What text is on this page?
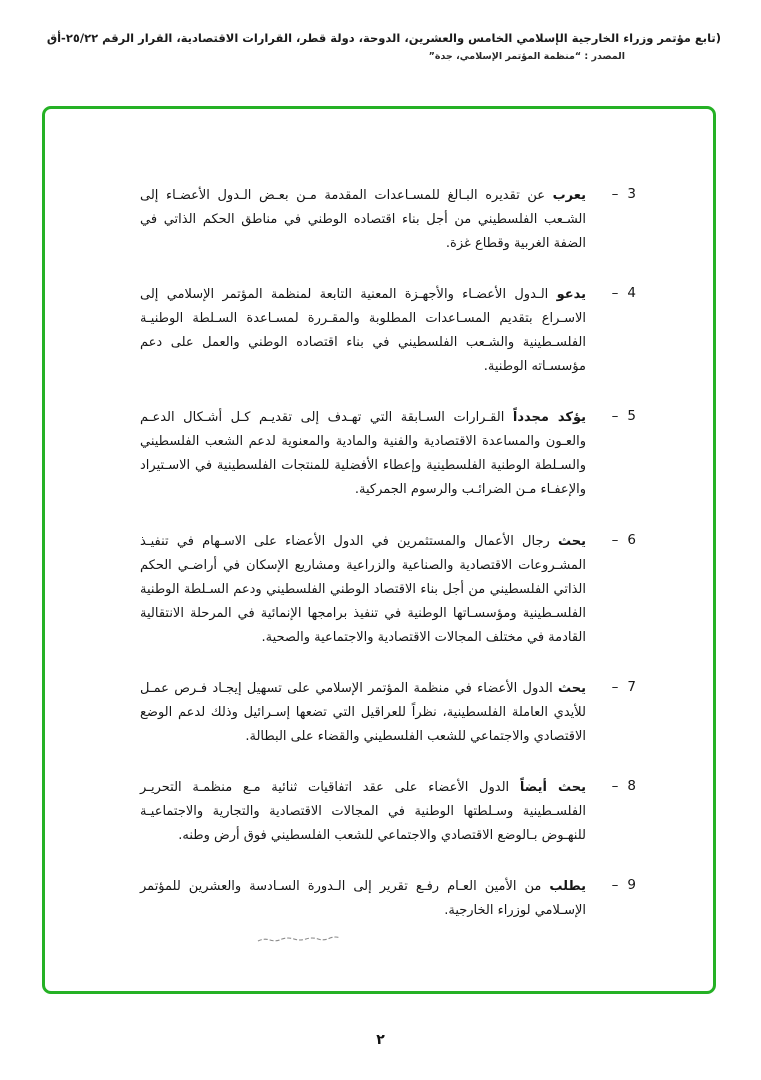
(تابع مؤتمر وزراء الخارجية الإسلامي الخامس والعشرين، الدوحة، دولة قطر، القرارات الاقتصادية، القرار الرقم ٢٥/٢٢-أق
المصدر : “منظمة المؤتمر الإسلامي، جدة”
3
–
يعرب عن تقديره البـالغ للمسـاعدات المقدمة مـن بعـض الـدول الأعضـاء إلى الشـعب الفلسطيني من أجل بناء اقتصاده الوطني في مناطق الحكم الذاتي في الضفة الغربية وقطاع غزة.
4
–
يدعو الـدول الأعضـاء والأجهـزة المعنية التابعة لمنظمة المؤتمر الإسلامي إلى الاسـراع بتقديم المسـاعدات المطلوبة والمقـررة لمسـاعدة السـلطة الوطنيـة الفلسـطينية والشـعب الفلسطيني في بناء اقتصاده الوطني والعمل على دعم مؤسسـاته الوطنية.
5
–
يؤكد مجدداً القـرارات السـابقة التي تهـدف إلى تقديـم كـل أشـكال الدعـم والعـون والمساعدة الاقتصادية والفنية والمادية والمعنوية لدعم الشعب الفلسطيني والسـلطة الوطنية الفلسطينية وإعطاء الأفضلية للمنتجات الفلسطينية في الاسـتيراد والإعفـاء مـن الضرائـب والرسوم الجمركية.
6
–
يحث رجال الأعمال والمستثمرين في الدول الأعضاء على الاسـهام في تنفيـذ المشـروعات الاقتصادية والصناعية والزراعية ومشاريع الإسكان في أراضـي الحكم الذاتي الفلسطيني من أجل بناء الاقتصاد الوطني الفلسطيني ودعم السـلطة الوطنية الفلسـطينية ومؤسسـاتها الوطنية في تنفيذ برامجها الإنمائية في المرحلة الانتقالية القادمة في مختلف المجالات الاقتصادية والاجتماعية والصحية.
7
–
يحث الدول الأعضاء في منظمة المؤتمر الإسلامي على تسهيل إيجـاد فـرص عمـل للأيدي العاملة الفلسطينية، نظراً للعراقيل التي تضعها إسـرائيل وذلك لدعم الوضع الاقتصادي والاجتماعي للشعب الفلسطيني والقضاء على البطالة.
8
–
يحث أيضاً الدول الأعضاء على عقد اتفاقيات ثنائية مـع منظمـة التحريـر الفلسـطينية وسـلطتها الوطنية في المجالات الاقتصادية والتجارية والاجتماعيـة للنهـوض بـالوضع الاقتصادي والاجتماعي للشعب الفلسطيني فوق أرض وطنه.
9
–
يطلب من الأمين العـام رفـع تقرير إلى الـدورة السـادسة والعشرين للمؤتمر الإسـلامي لوزراء الخارجية.
٢
